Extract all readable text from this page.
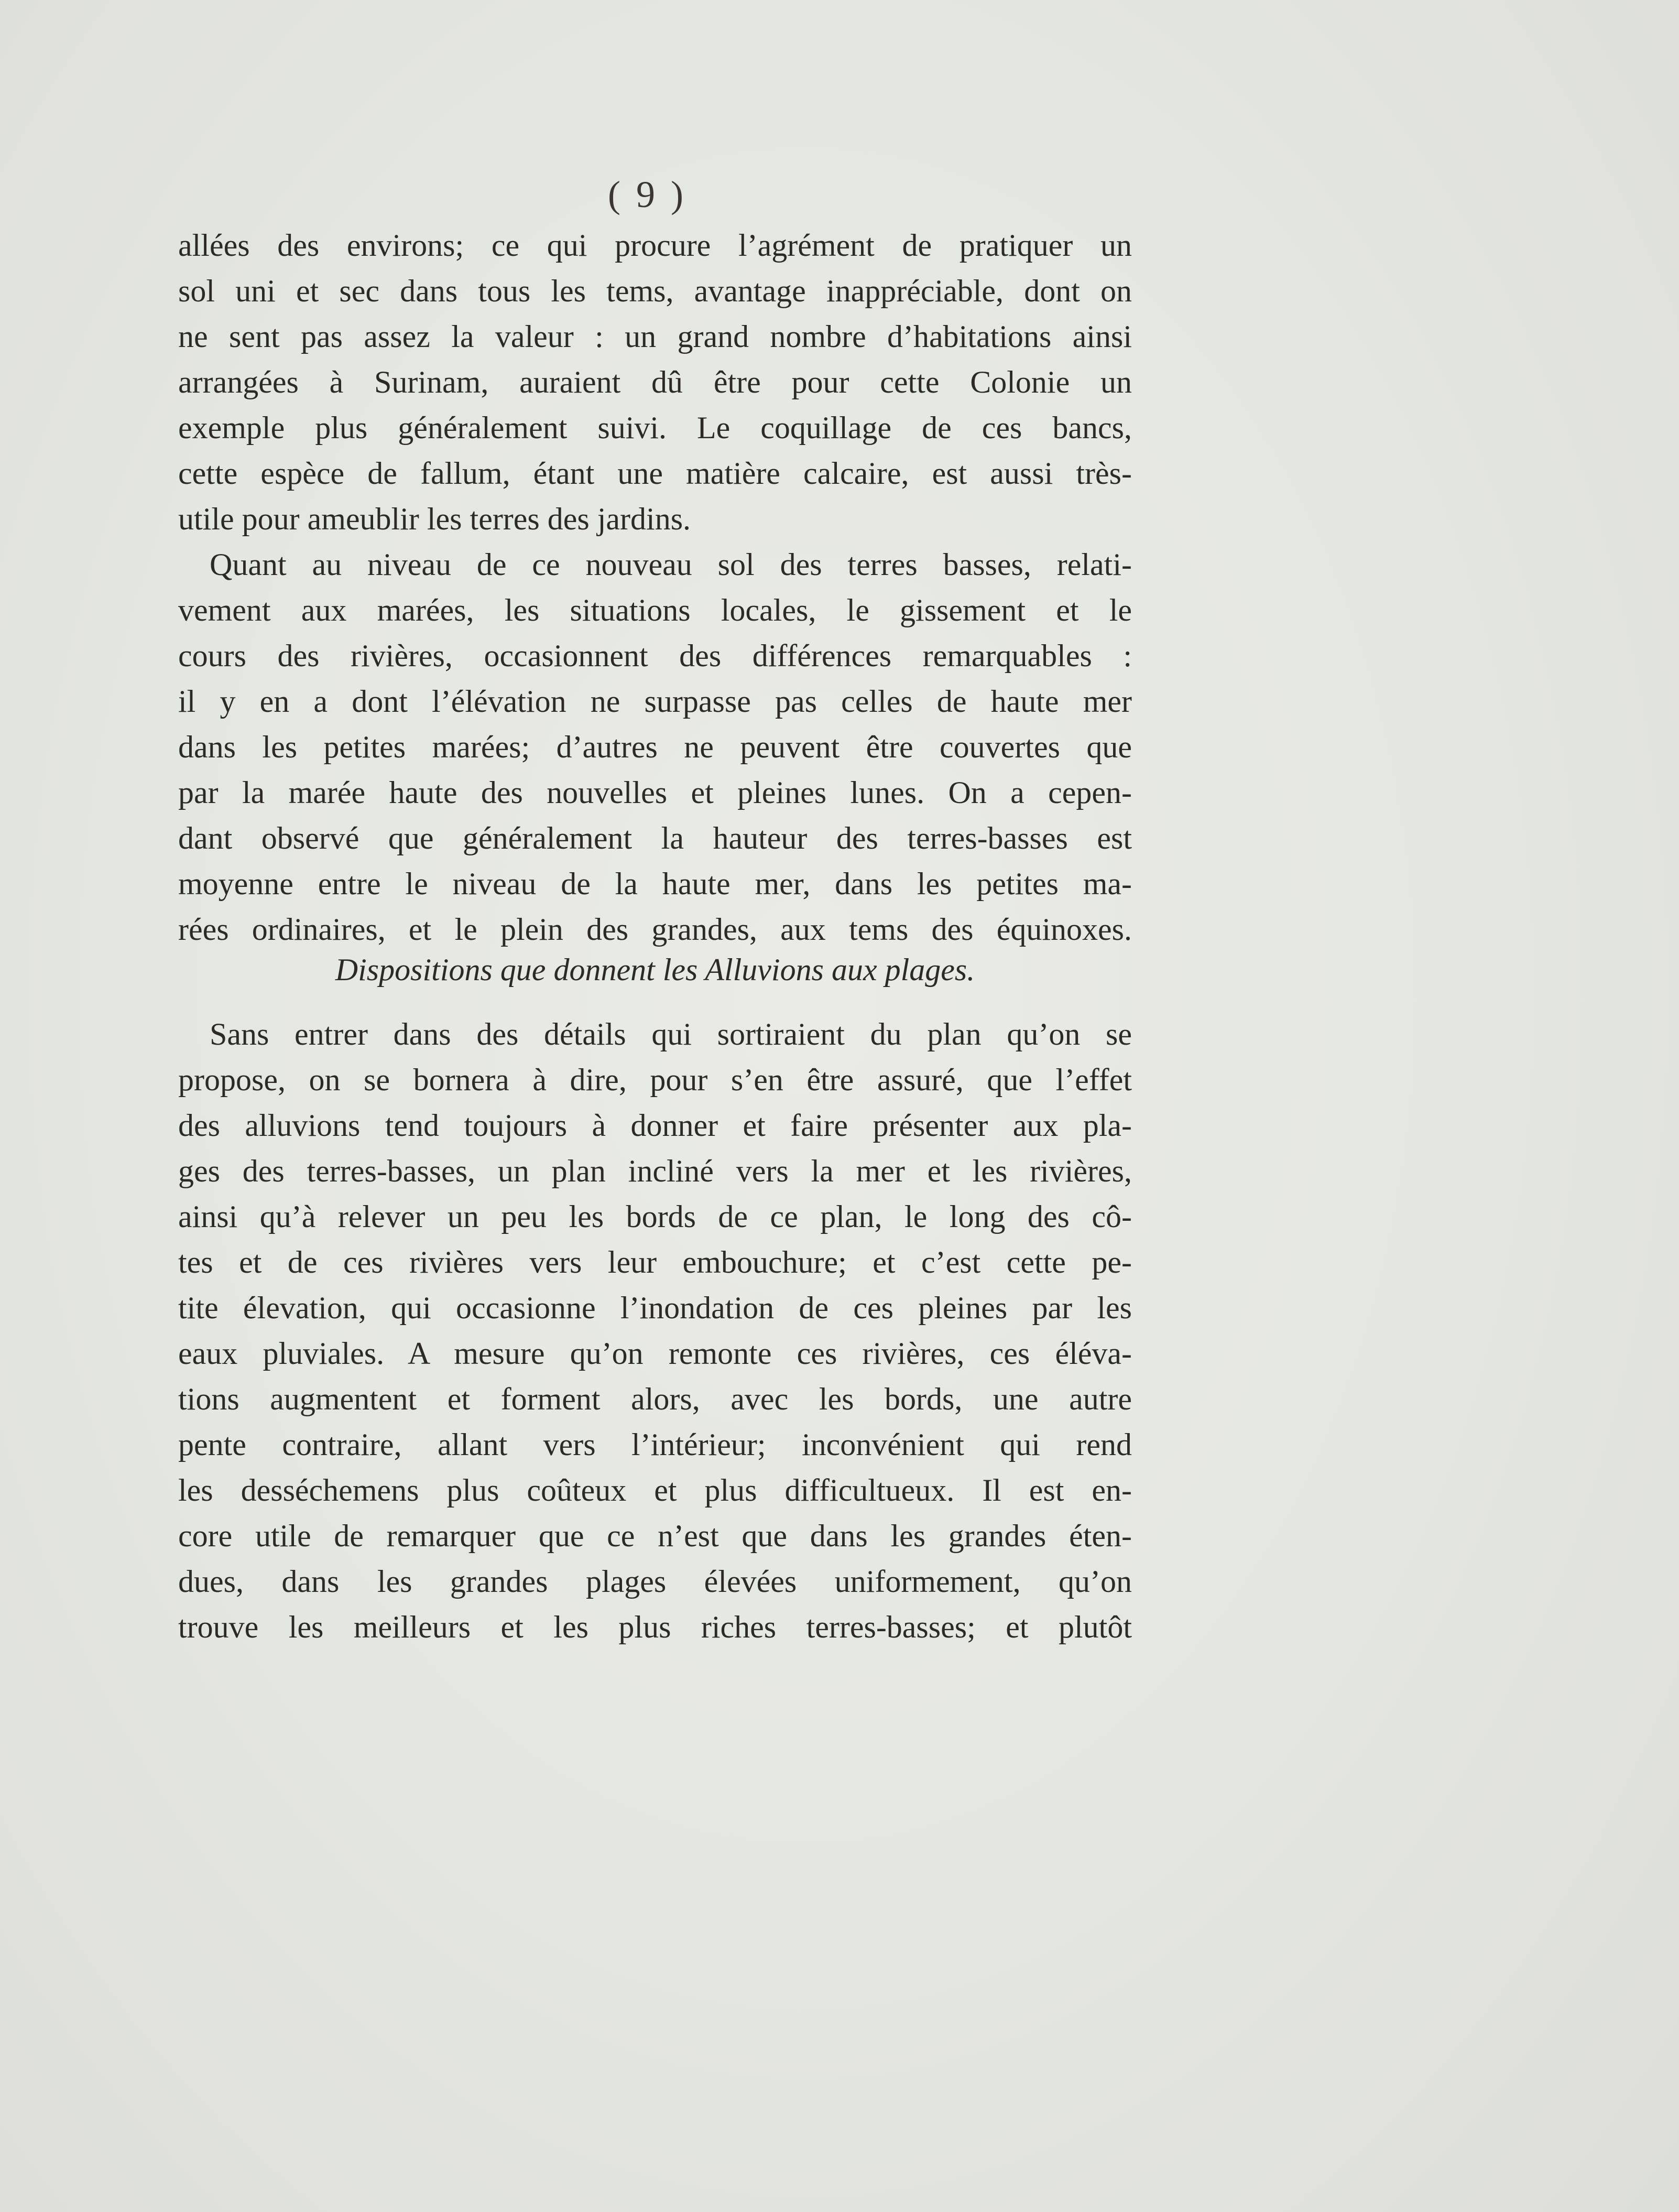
( 9 )
allées des environs; ce qui procure l’agrément de pratiquer un
sol uni et sec dans tous les tems, avantage inappréciable, dont on
ne sent pas assez la valeur : un grand nombre d’habitations ainsi
arrangées à Surinam, auraient dû être pour cette Colonie un
exemple plus généralement suivi. Le coquillage de ces bancs,
cette espèce de fallum, étant une matière calcaire, est aussi très-
utile pour ameublir les terres des jardins.
Quant au niveau de ce nouveau sol des terres basses, relati-
vement aux marées, les situations locales, le gissement et le
cours des rivières, occasionnent des différences remarquables :
il y en a dont l’élévation ne surpasse pas celles de haute mer
dans les petites marées; d’autres ne peuvent être couvertes que
par la marée haute des nouvelles et pleines lunes. On a cepen-
dant observé que généralement la hauteur des terres-basses est
moyenne entre le niveau de la haute mer, dans les petites ma-
rées ordinaires, et le plein des grandes, aux tems des équinoxes.
Dispositions que donnent les Alluvions aux plages.
Sans entrer dans des détails qui sortiraient du plan qu’on se
propose, on se bornera à dire, pour s’en être assuré, que l’effet
des alluvions tend toujours à donner et faire présenter aux pla-
ges des terres-basses, un plan incliné vers la mer et les rivières,
ainsi qu’à relever un peu les bords de ce plan, le long des cô-
tes et de ces rivières vers leur embouchure; et c’est cette pe-
tite élevation, qui occasionne l’inondation de ces pleines par les
eaux pluviales. A mesure qu’on remonte ces rivières, ces éléva-
tions augmentent et forment alors, avec les bords, une autre
pente contraire, allant vers l’intérieur; inconvénient qui rend
les desséchemens plus coûteux et plus difficultueux. Il est en-
core utile de remarquer que ce n’est que dans les grandes éten-
dues, dans les grandes plages élevées uniformement, qu’on
trouve les meilleurs et les plus riches terres-basses; et plutôt
